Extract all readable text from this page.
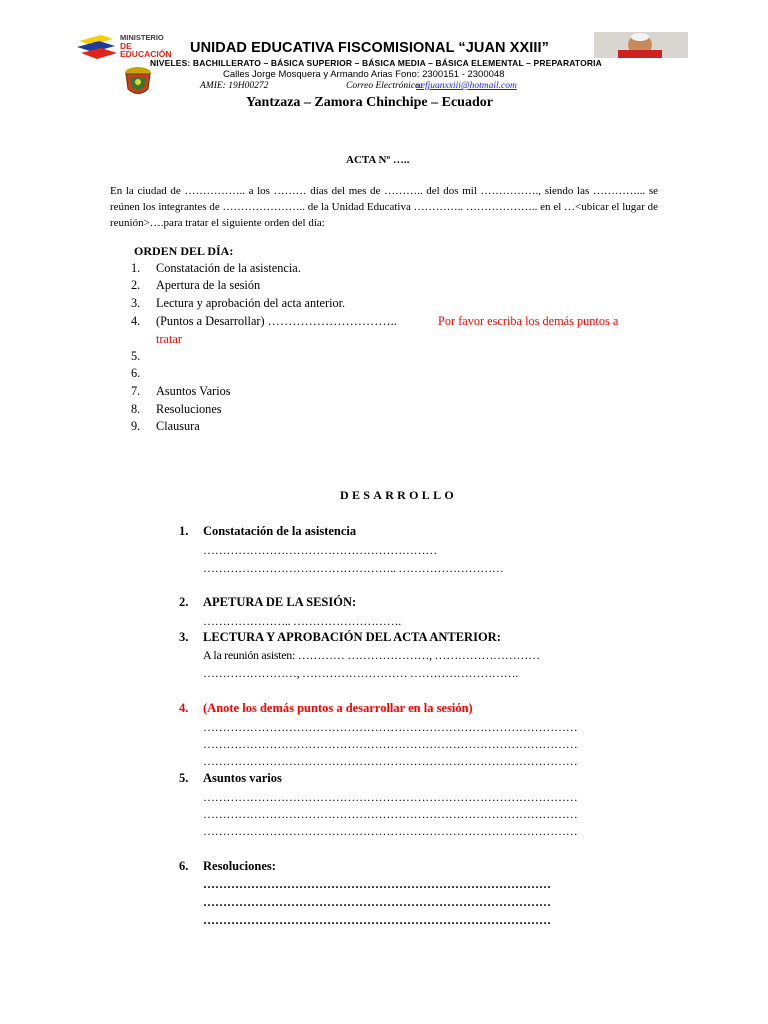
MINISTERIO
DE EDUCACIÓN	UNIDAD EDUCATIVA FISCOMISIONAL “JUAN XXIII”
NIVELES: BACHILLERATO – BÁSICA SUPERIOR – BÁSICA MEDIA – BÁSICA ELEMENTAL – PREPARATORIA
Calles Jorge Mosquera y Armando Arias Fono: 2300151 - 2300048
AMIE: 19H00272	Correo Electrónico:
uefjuanxxiii@hotmail.com
Yantzaza – Zamora Chinchipe – Ecuador
ACTA Nº …..
En la ciudad de …………….. a los ……… días del mes de ……….. del dos mil ……………., siendo las …………... se reúnen los integrantes de ………………….. de la Unidad Educativa ………….. ……………….. en el …<ubicar el lugar de reunión>….para tratar el siguiente orden del día:
ORDEN DEL DÍA:
1. Constatación de la asistencia.
2. Apertura de la sesión
3. Lectura y aprobación del acta anterior.
4. (Puntos a Desarrollar) …………………………..	Por favor escriba los demás puntos a
tratar
5.
6.
7. Asuntos Varios
8. Resoluciones
9. Clausura
DESARROLLO
1. Constatación de la asistencia
……………………………………………………
………………………………………….. ………………………
2. APETURA DE LA SESIÓN:
………………….. ……………………….
3. LECTURA Y APROBACIÓN DEL ACTA ANTERIOR:
A la reunión asisten: ………… …………………, ………………………
……………………, ……………………… ……………………….
4. (Anote los demás puntos a desarrollar en la sesión)
……………………………………………………………………………………
……………………………………………………………………………………
……………………………………………………………………………………
5. Asuntos varios
……………………………………………………………………………………
……………………………………………………………………………………
……………………………………………………………………………………
6. Resoluciones:
……………………………………………………………………………
……………………………………………………………………………
……………………………………………………………………………
